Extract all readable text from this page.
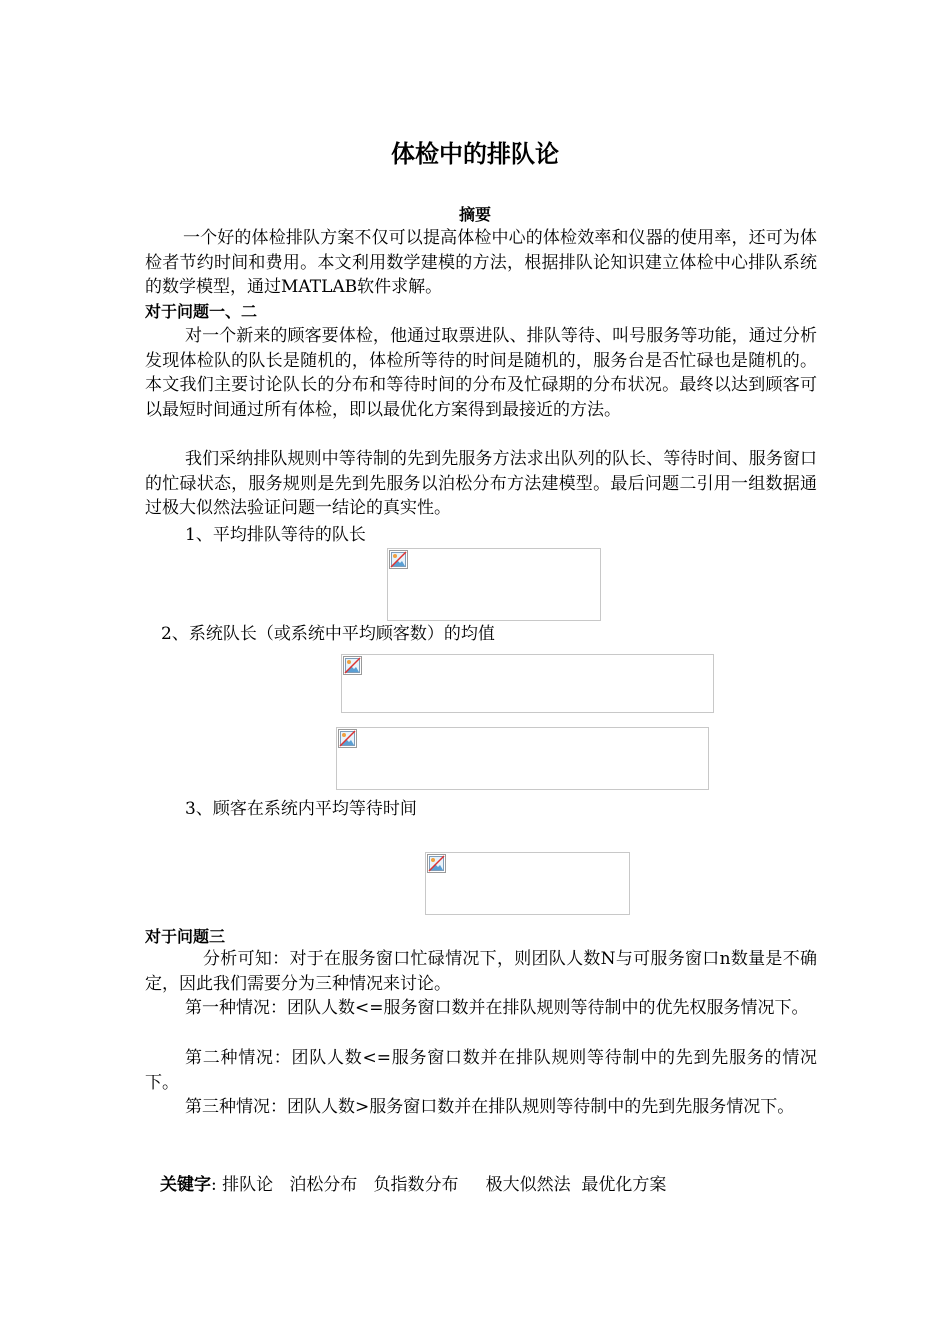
体检中的排队论
摘要
一个好的体检排队方案不仅可以提高体检中心的体检效率和仪器的使用率，还可为体检者节约时间和费用。本文利用数学建模的方法，根据排队论知识建立体检中心排队系统的数学模型，通过MATLAB软件求解。
对于问题一、二
对一个新来的顾客要体检，他通过取票进队、排队等待、叫号服务等功能，通过分析发现体检队的队长是随机的，体检所等待的时间是随机的，服务台是否忙碌也是随机的。本文我们主要讨论队长的分布和等待时间的分布及忙碌期的分布状况。最终以达到顾客可以最短时间通过所有体检，即以最优化方案得到最接近的方法。
我们采纳排队规则中等待制的先到先服务方法求出队列的队长、等待时间、服务窗口的忙碌状态，服务规则是先到先服务以泊松分布方法建模型。最后问题二引用一组数据通过极大似然法验证问题一结论的真实性。
1、平均排队等待的队长
2、系统队长（或系统中平均顾客数）的均值
3、顾客在系统内平均等待时间
对于问题三
分析可知：对于在服务窗口忙碌情况下，则团队人数N与可服务窗口n数量是不确定，因此我们需要分为三种情况来讨论。
第一种情况：团队人数<=服务窗口数并在排队规则等待制中的优先权服务情况下。
第二种情况：团队人数<=服务窗口数并在排队规则等待制中的先到先服务的情况下。
第三种情况：团队人数>服务窗口数并在排队规则等待制中的先到先服务情况下。
关键字: 排队论   泊松分布   负指数分布     极大似然法  最优化方案
